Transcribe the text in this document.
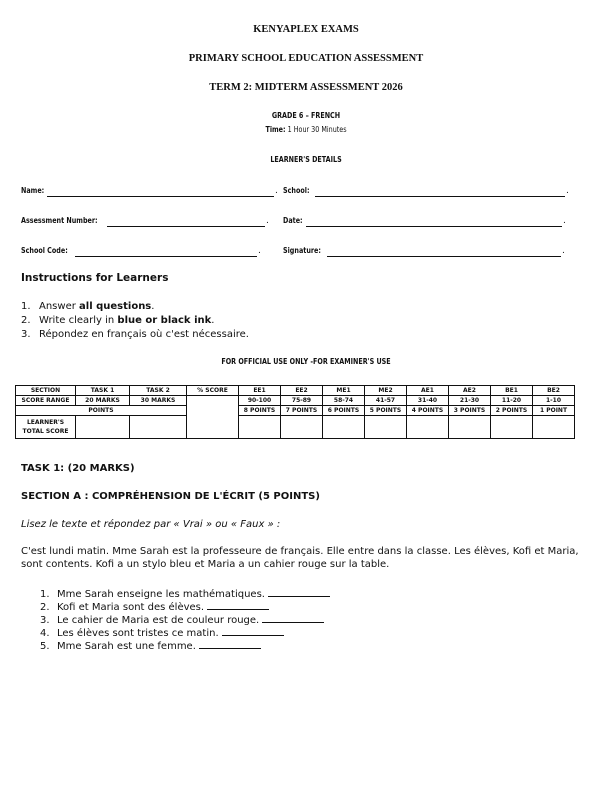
KENYAPLEX EXAMS
PRIMARY SCHOOL EDUCATION ASSESSMENT
TERM 2: MIDTERM ASSESSMENT 2026
GRADE 6 – FRENCH
Time: 1 Hour 30 Minutes
LEARNER'S DETAILS
Name:	. School:	.
Assessment Number:	. Date:	.
School Code:	.	Signature:	.
Instructions for Learners
1. Answer all questions.
2. Write clearly in blue or black ink.
3. Répondez en français où c'est nécessaire.
FOR OFFICIAL USE ONLY -FOR EXAMINER'S USE
SECTION	TASK 1	TASK 2	% SCORE	EE1	EE2	ME1	ME2	AE1	AE2	BE1	BE2
SCORE RANGE	20 MARKS	30 MARKS		90-100	75-89	58-74	41-57	31-40	21-30	11-20	1-10
POINTS				8 POINTS	7 POINTS	6 POINTS	5 POINTS	4 POINTS	3 POINTS	2 POINTS	1 POINT
LEARNER'S
TOTAL SCORE											
TASK 1: (20 MARKS)
SECTION A : COMPRÉHENSION DE L'ÉCRIT (5 POINTS)
Lisez le texte et répondez par « Vrai » ou « Faux » :
C'est lundi matin. Mme Sarah est la professeure de français. Elle entre dans la classe. Les élèves, Kofi et Maria, sont contents. Kofi a un stylo bleu et Maria a un cahier rouge sur la table.
1. Mme Sarah enseigne les mathématiques.
2. Kofi et Maria sont des élèves.
3. Le cahier de Maria est de couleur rouge.
4. Les élèves sont tristes ce matin.
5. Mme Sarah est une femme.
